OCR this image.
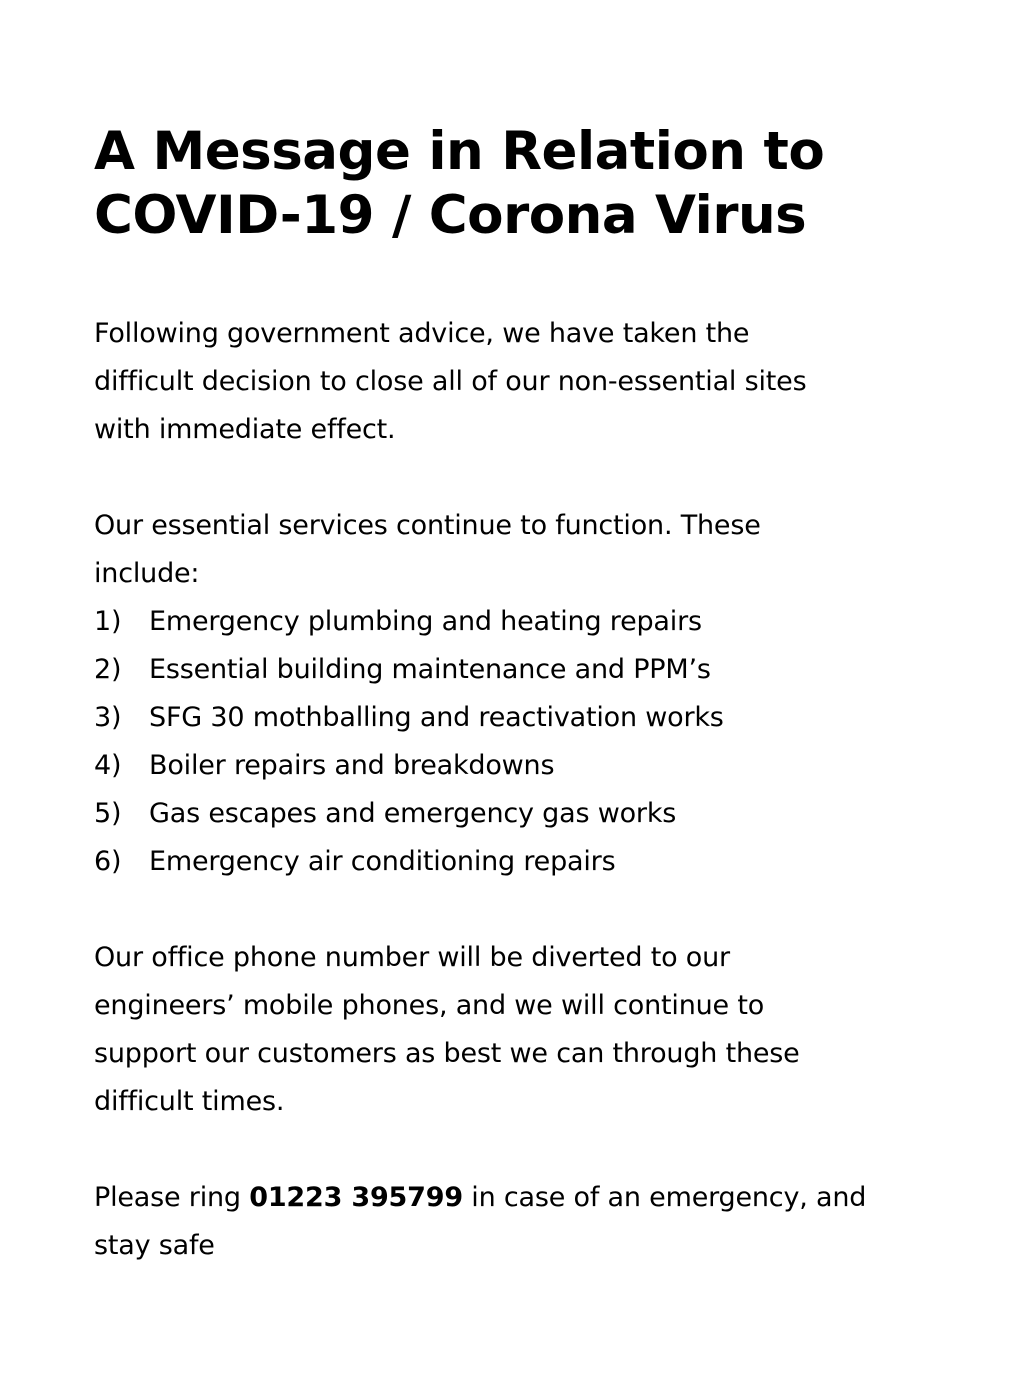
A Message in Relation to
COVID-19 / Corona Virus

Following government advice, we have taken the
difficult decision to close all of our non-essential sites
with immediate effect.

Our essential services continue to function. These
include:

1)	Emergency plumbing and heating repairs
2)	Essential building maintenance and PPM’s
3)	SFG 30 mothballing and reactivation works
4)	Boiler repairs and breakdowns
5)	Gas escapes and emergency gas works
6)	Emergency air conditioning repairs

Our office phone number will be diverted to our
engineers’ mobile phones, and we will continue to
support our customers as best we can through these
difficult times.

Please ring 01223 395799 in case of an emergency, and
stay safe
